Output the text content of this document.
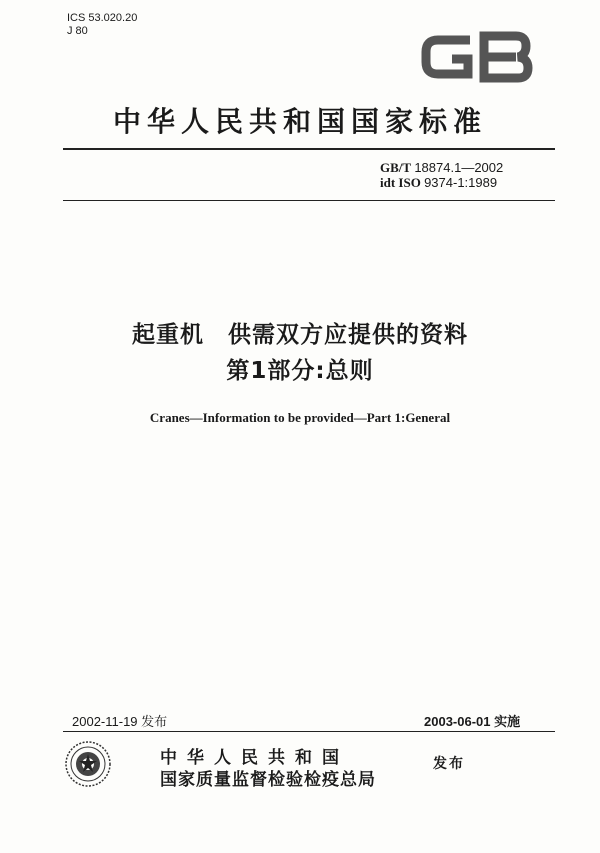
ICS 53.020.20
J 80
中华人民共和国国家标准
GB/T 18874.1—2002
idt ISO 9374-1:1989
起重机　供需双方应提供的资料
第1部分:总则
Cranes—Information to be provided—Part 1:General
2002-11-19 发布	2003-06-01 实施
中华人民共和国
国家质量监督检验检疫总局
发布
